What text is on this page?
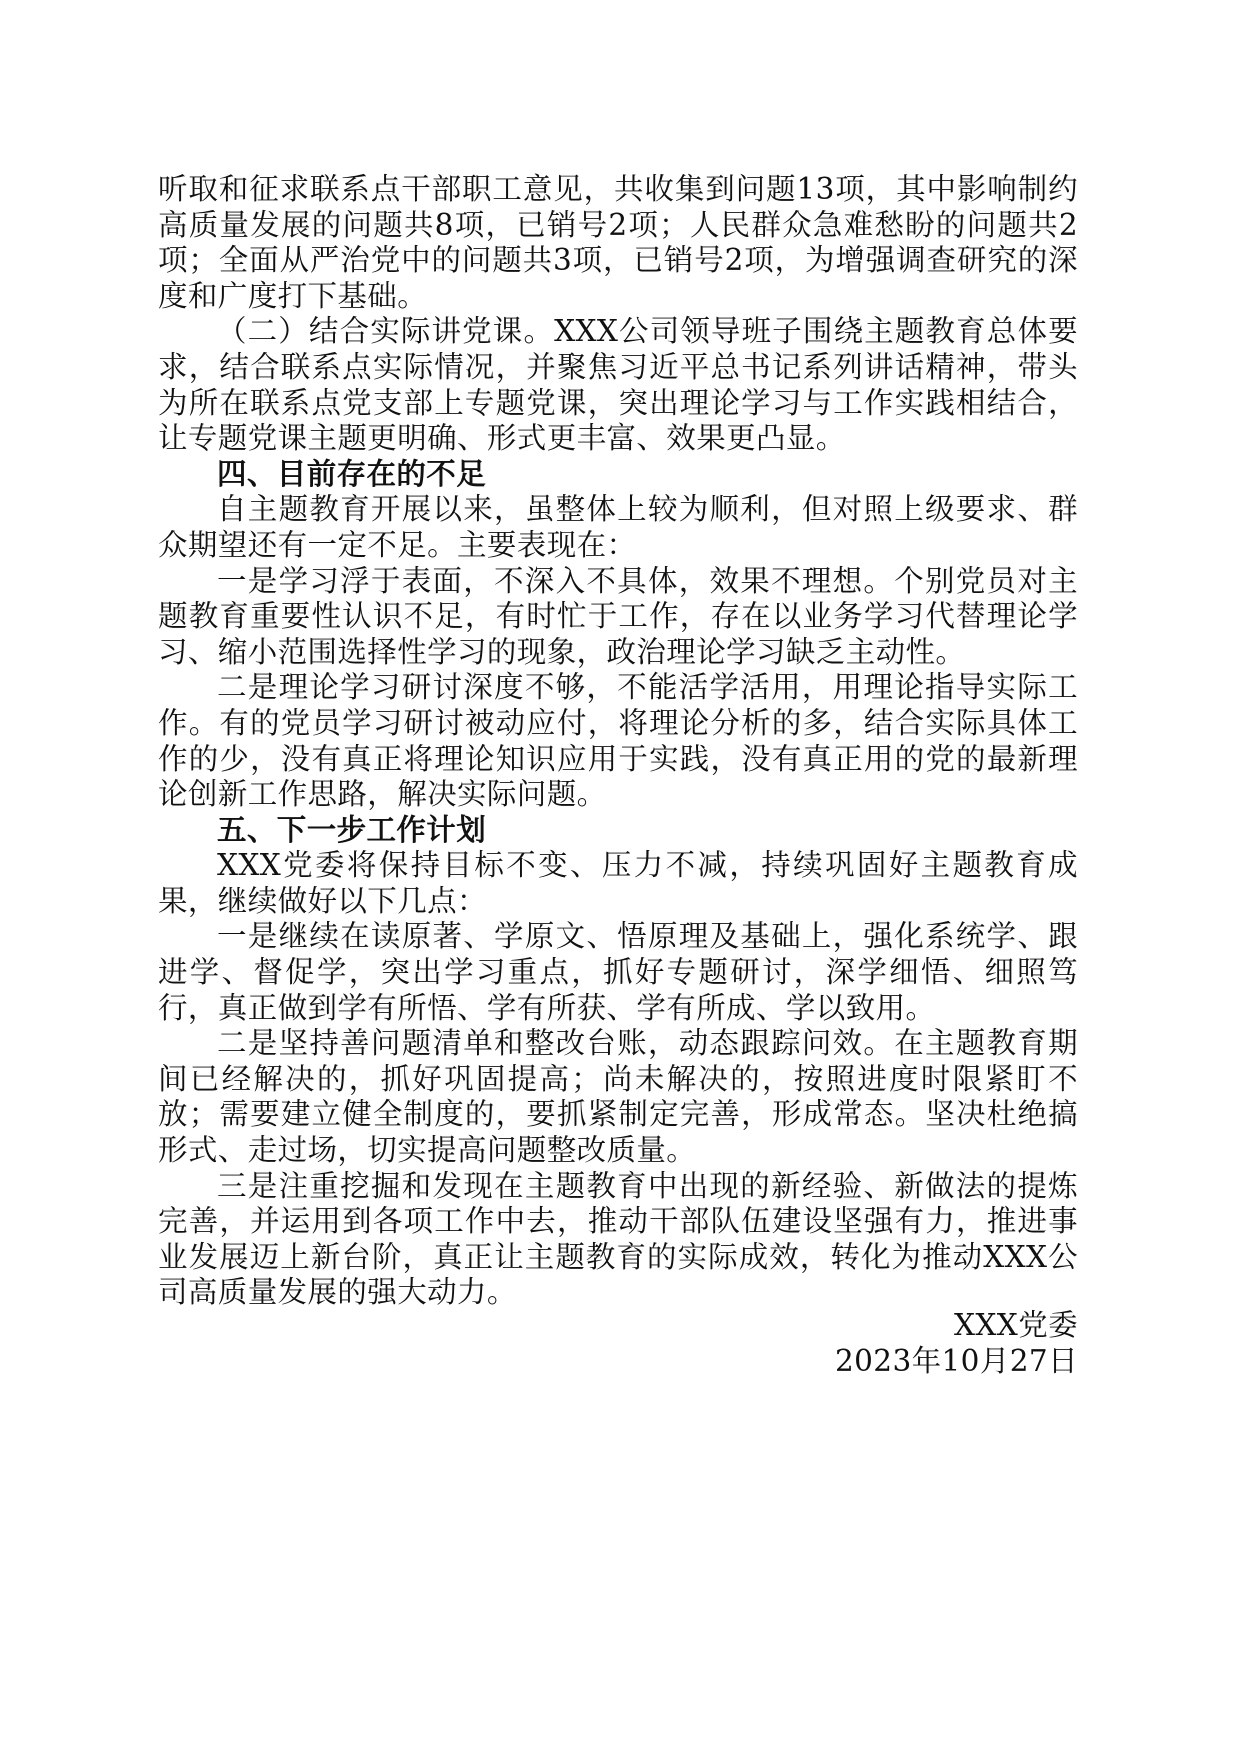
听取和征求联系点干部职工意见，共收集到问题13项，其中影响制约高质量发展的问题共8项，已销号2项；人民群众急难愁盼的问题共2项；全面从严治党中的问题共3项，已销号2项，为增强调查研究的深度和广度打下基础。

（二）结合实际讲党课。XXX公司领导班子围绕主题教育总体要求，结合联系点实际情况，并聚焦习近平总书记系列讲话精神，带头为所在联系点党支部上专题党课，突出理论学习与工作实践相结合，让专题党课主题更明确、形式更丰富、效果更凸显。

四、目前存在的不足

自主题教育开展以来，虽整体上较为顺利，但对照上级要求、群众期望还有一定不足。主要表现在：

一是学习浮于表面，不深入不具体，效果不理想。个别党员对主题教育重要性认识不足，有时忙于工作，存在以业务学习代替理论学习、缩小范围选择性学习的现象，政治理论学习缺乏主动性。

二是理论学习研讨深度不够，不能活学活用，用理论指导实际工作。有的党员学习研讨被动应付，将理论分析的多，结合实际具体工作的少，没有真正将理论知识应用于实践，没有真正用的党的最新理论创新工作思路，解决实际问题。

五、下一步工作计划

XXX党委将保持目标不变、压力不减，持续巩固好主题教育成果，继续做好以下几点：

一是继续在读原著、学原文、悟原理及基础上，强化系统学、跟进学、督促学，突出学习重点，抓好专题研讨，深学细悟、细照笃行，真正做到学有所悟、学有所获、学有所成、学以致用。

二是坚持善问题清单和整改台账，动态跟踪问效。在主题教育期间已经解决的，抓好巩固提高；尚未解决的，按照进度时限紧盯不放；需要建立健全制度的，要抓紧制定完善，形成常态。坚决杜绝搞形式、走过场，切实提高问题整改质量。

三是注重挖掘和发现在主题教育中出现的新经验、新做法的提炼完善，并运用到各项工作中去，推动干部队伍建设坚强有力，推进事业发展迈上新台阶，真正让主题教育的实际成效，转化为推动XXX公司高质量发展的强大动力。

XXX党委
2023年10月27日
